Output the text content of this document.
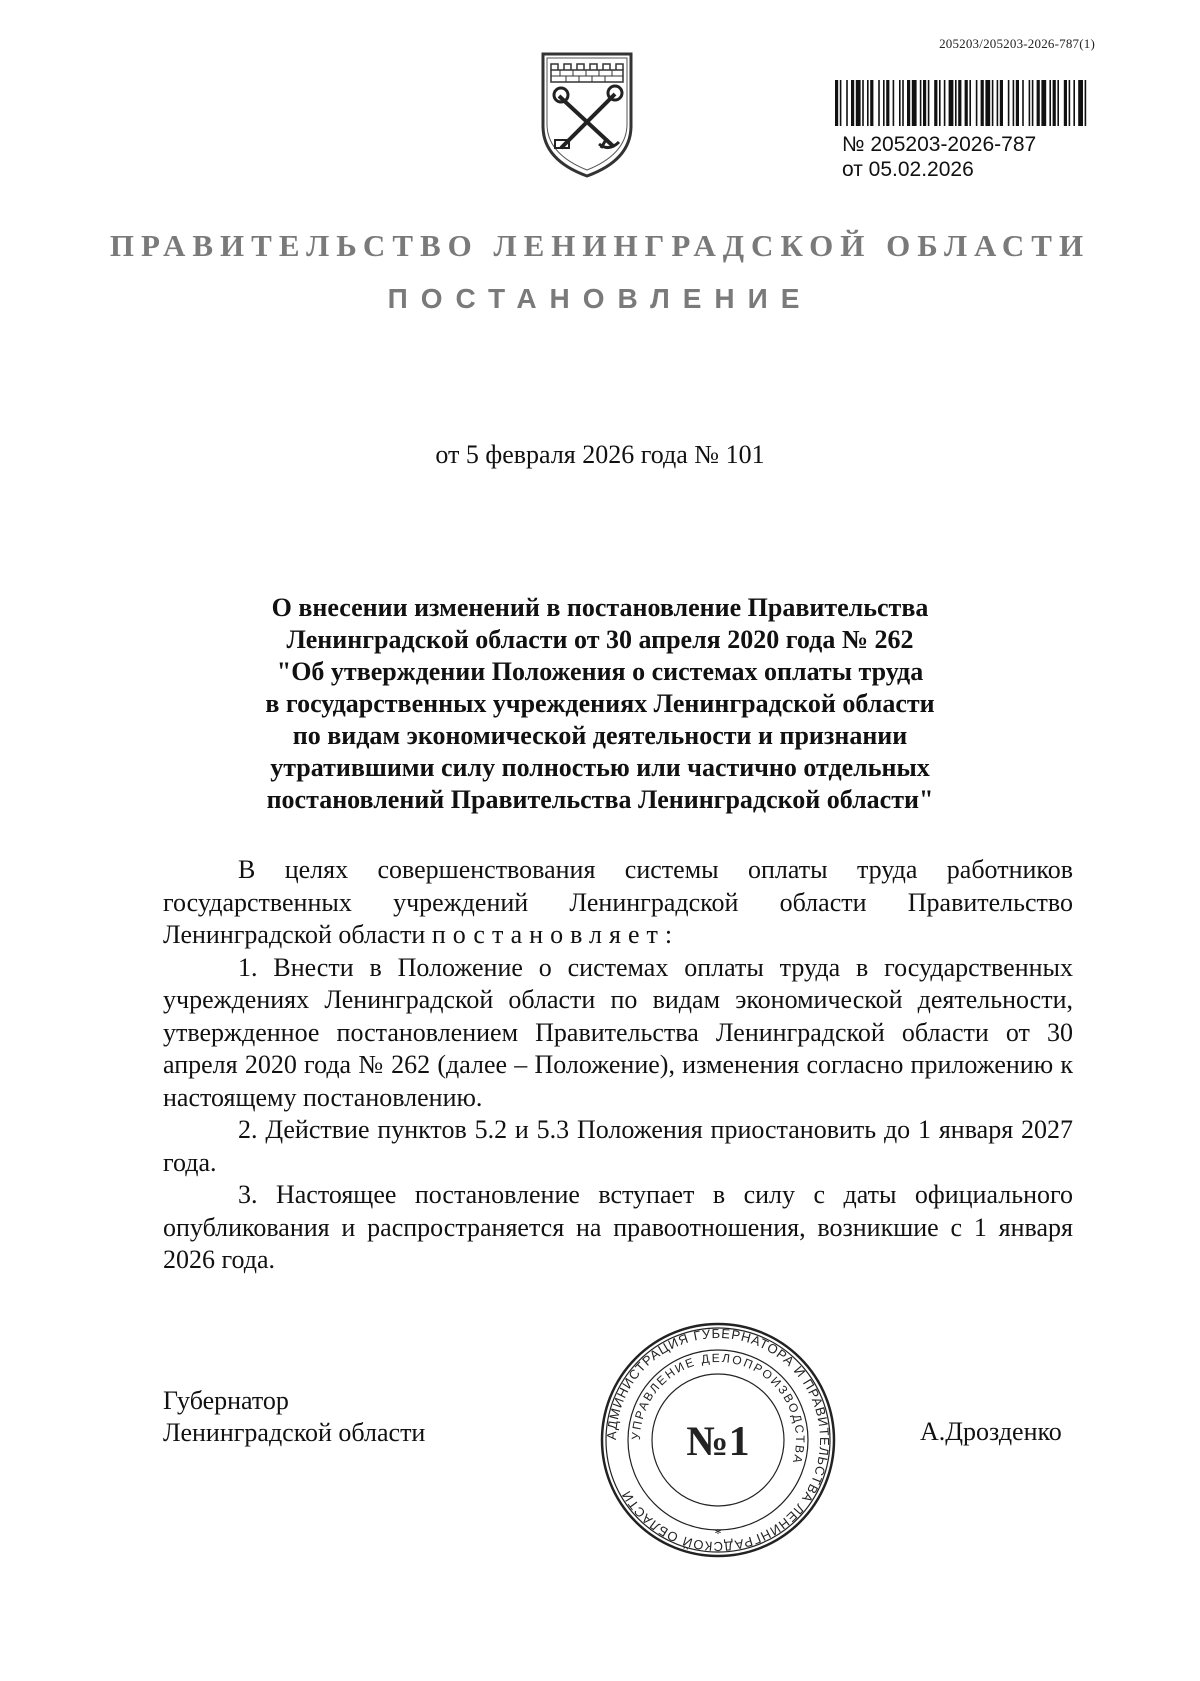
205203/205203-2026-787(1)
№ 205203-2026-787
от 05.02.2026
ПРАВИТЕЛЬСТВО ЛЕНИНГРАДСКОЙ ОБЛАСТИ
ПОСТАНОВЛЕНИЕ
от 5 февраля 2026 года № 101
О внесении изменений в постановление Правительства
Ленинградской области от 30 апреля 2020 года № 262
"Об утверждении Положения о системах оплаты труда
в государственных учреждениях Ленинградской области
по видам экономической деятельности и признании
утратившими силу полностью или частично отдельных
постановлений Правительства Ленинградской области"

В целях совершенствования системы оплаты труда работников государственных учреждений Ленинградской области Правительство Ленинградской области постановляет:

1. Внести в Положение о системах оплаты труда в государственных учреждениях Ленинградской области по видам экономической деятельности, утвержденное постановлением Правительства Ленинградской области от 30 апреля 2020 года № 262 (далее – Положение), изменения согласно приложению к настоящему постановлению.

2. Действие пунктов 5.2 и 5.3 Положения приостановить до 1 января 2027 года.

3. Настоящее постановление вступает в силу с даты официального опубликования и распространяется на правоотношения, возникшие с 1 января 2026 года.

Губернатор
Ленинградской области	А.Дрозденко
АДМИНИСТРАЦИЯ ГУБЕРНАТОРА И ПРАВИТЕЛЬСТВА ЛЕНИНГРАДСКОЙ ОБЛАСТИ
УПРАВЛЕНИЕ ДЕЛОПРОИЗВОДСТВА
№1
*
